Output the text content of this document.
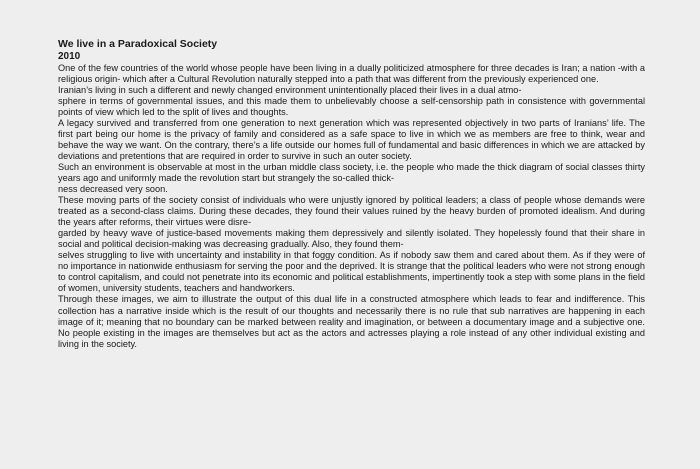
We live in a Paradoxical Society
2010
One of the few countries of the world whose people have been living in a dually politicized atmosphere for three decades is Iran; a nation -with a religious origin- which after a Cultural Revolution naturally stepped into a path that was different from the previously experienced one.
Iranian’s living in such a different and newly changed environment unintentionally placed their lives in a dual atmo-
sphere in terms of governmental issues, and this made them to unbelievably choose a self-censorship path in consistence with governmental points of view which led to the split of lives and thoughts.
A legacy survived and transferred from one generation to next generation which was represented objectively in two parts of Iranians’ life. The first part being our home is the privacy of family and considered as a safe space to live in which we as members are free to think, wear and behave the way we want. On the contrary, there’s a life outside our homes full of fundamental and basic differences in which we are attacked by deviations and pretentions that are required in order to survive in such an outer society.
Such an environment is observable at most in the urban middle class society, i.e. the people who made the thick diagram of social classes thirty years ago and uniformly made the revolution start but strangely the so-called thick-
ness decreased very soon.
These moving parts of the society consist of individuals who were unjustly ignored by political leaders; a class of people whose demands were treated as a second-class claims. During these decades, they found their values ruined by the heavy burden of promoted idealism. And during the years after reforms, their virtues were disre-
garded by heavy wave of justice-based movements making them depressively and silently isolated. They hopelessly found that their share in social and political decision-making was decreasing gradually. Also, they found them-
selves struggling to live with uncertainty and instability in that foggy condition. As if nobody saw them and cared about them. As if they were of no importance in nationwide enthusiasm for serving the poor and the deprived. It is strange that the political leaders who were not strong enough to control capitalism, and could not penetrate into its economic and political establishments, impertinently took a step with some plans in the field of women, university students, teachers and handworkers.
Through these images, we aim to illustrate the output of this dual life in a constructed atmosphere which leads to fear and indifference. This collection has a narrative inside which is the result of our thoughts and necessarily there is no rule that sub narratives are happening in each image of it; meaning that no boundary can be marked between reality and imagination, or between a documentary image and a subjective one. No people existing in the images are themselves but act as the actors and actresses playing a role instead of any other individual existing and living in the society.
